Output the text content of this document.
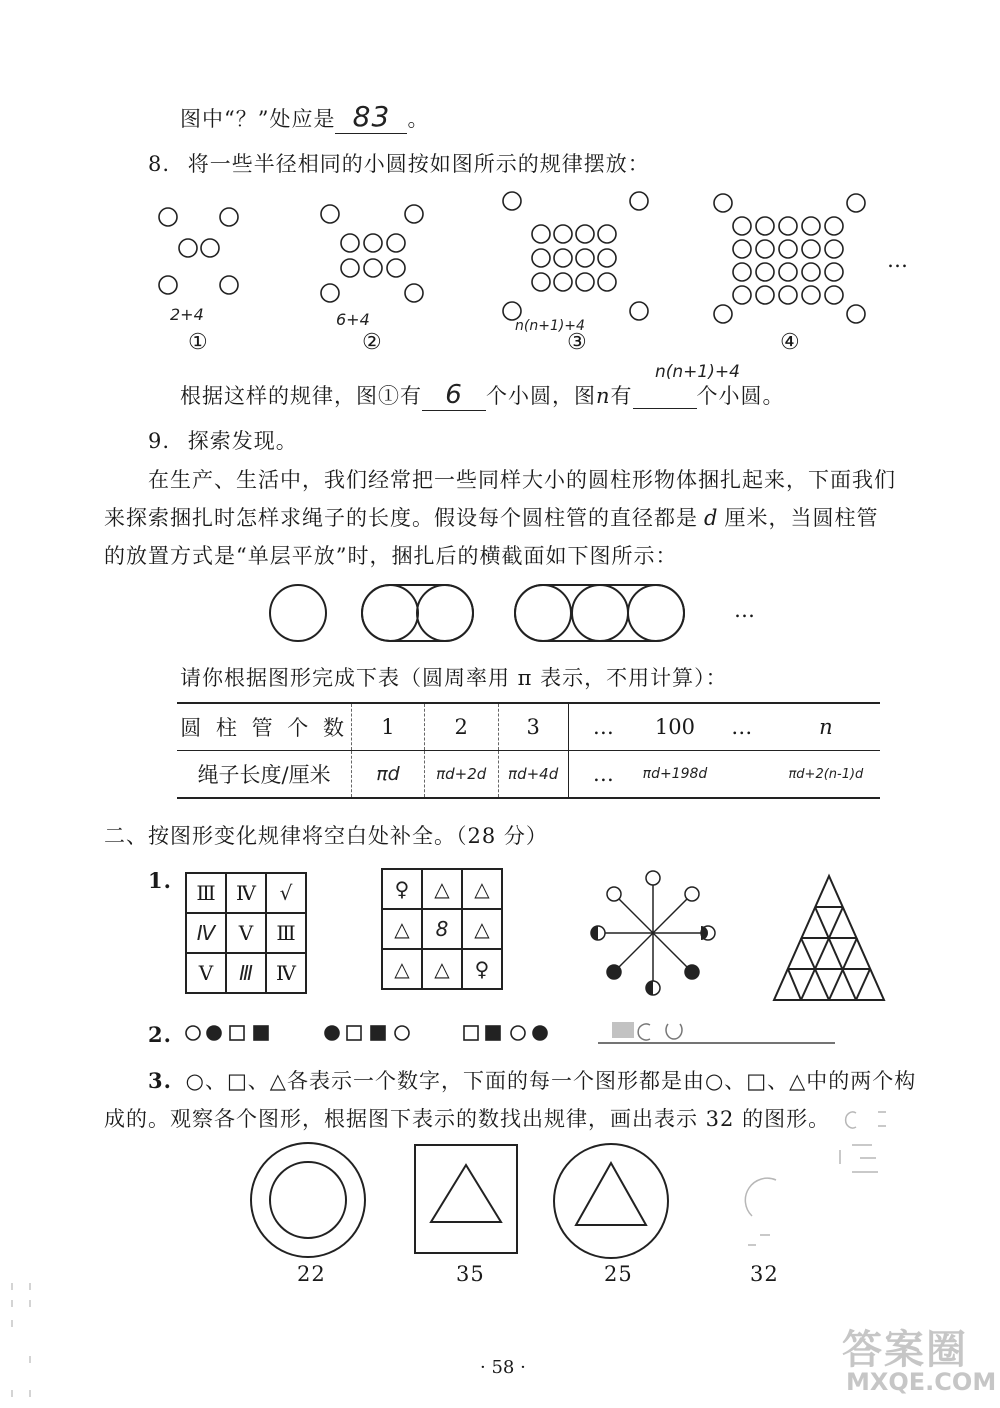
图中“？”处应是 83 。
8. 将一些半径相同的小圆按如图所示的规律摆放：
…
2+4	6+4	n(n+1)+4
①	②	③	④
根据这样的规律，图①有 6 个小圆，图n有	个小圆。
n(n+1)+4
9. 探索发现。
在生产、生活中，我们经常把一些同样大小的圆柱形物体捆扎起来，下面我们
来探索捆扎时怎样求绳子的长度。假设每个圆柱管的直径都是 d 厘米，当圆柱管
的放置方式是“单层平放”时，捆扎后的横截面如下图所示：
…
请你根据图形完成下表（圆周率用 π 表示，不用计算）：
圆 柱 管 个 数	1	2	3	…	100	…	n
绳子长度/厘米	πd	πd+2d	πd+4d	…	πd+198d		πd+2(n-1)d
二、按图形变化规律将空白处补全。（28 分）
1. Ⅲ	Ⅳ	√
Ⅳ	Ⅴ	Ⅲ
Ⅴ	Ⅲ	Ⅳ
♀	△	△
△	8	△
△	△	♀
2.
3. ○、□、△各表示一个数字，下面的每一个图形都是由○、□、△中的两个构
成的。观察各个图形，根据图下表示的数找出规律，画出表示 32 的图形。
22	35	25	32
· 58 ·	答案圈
MXQE.COM
